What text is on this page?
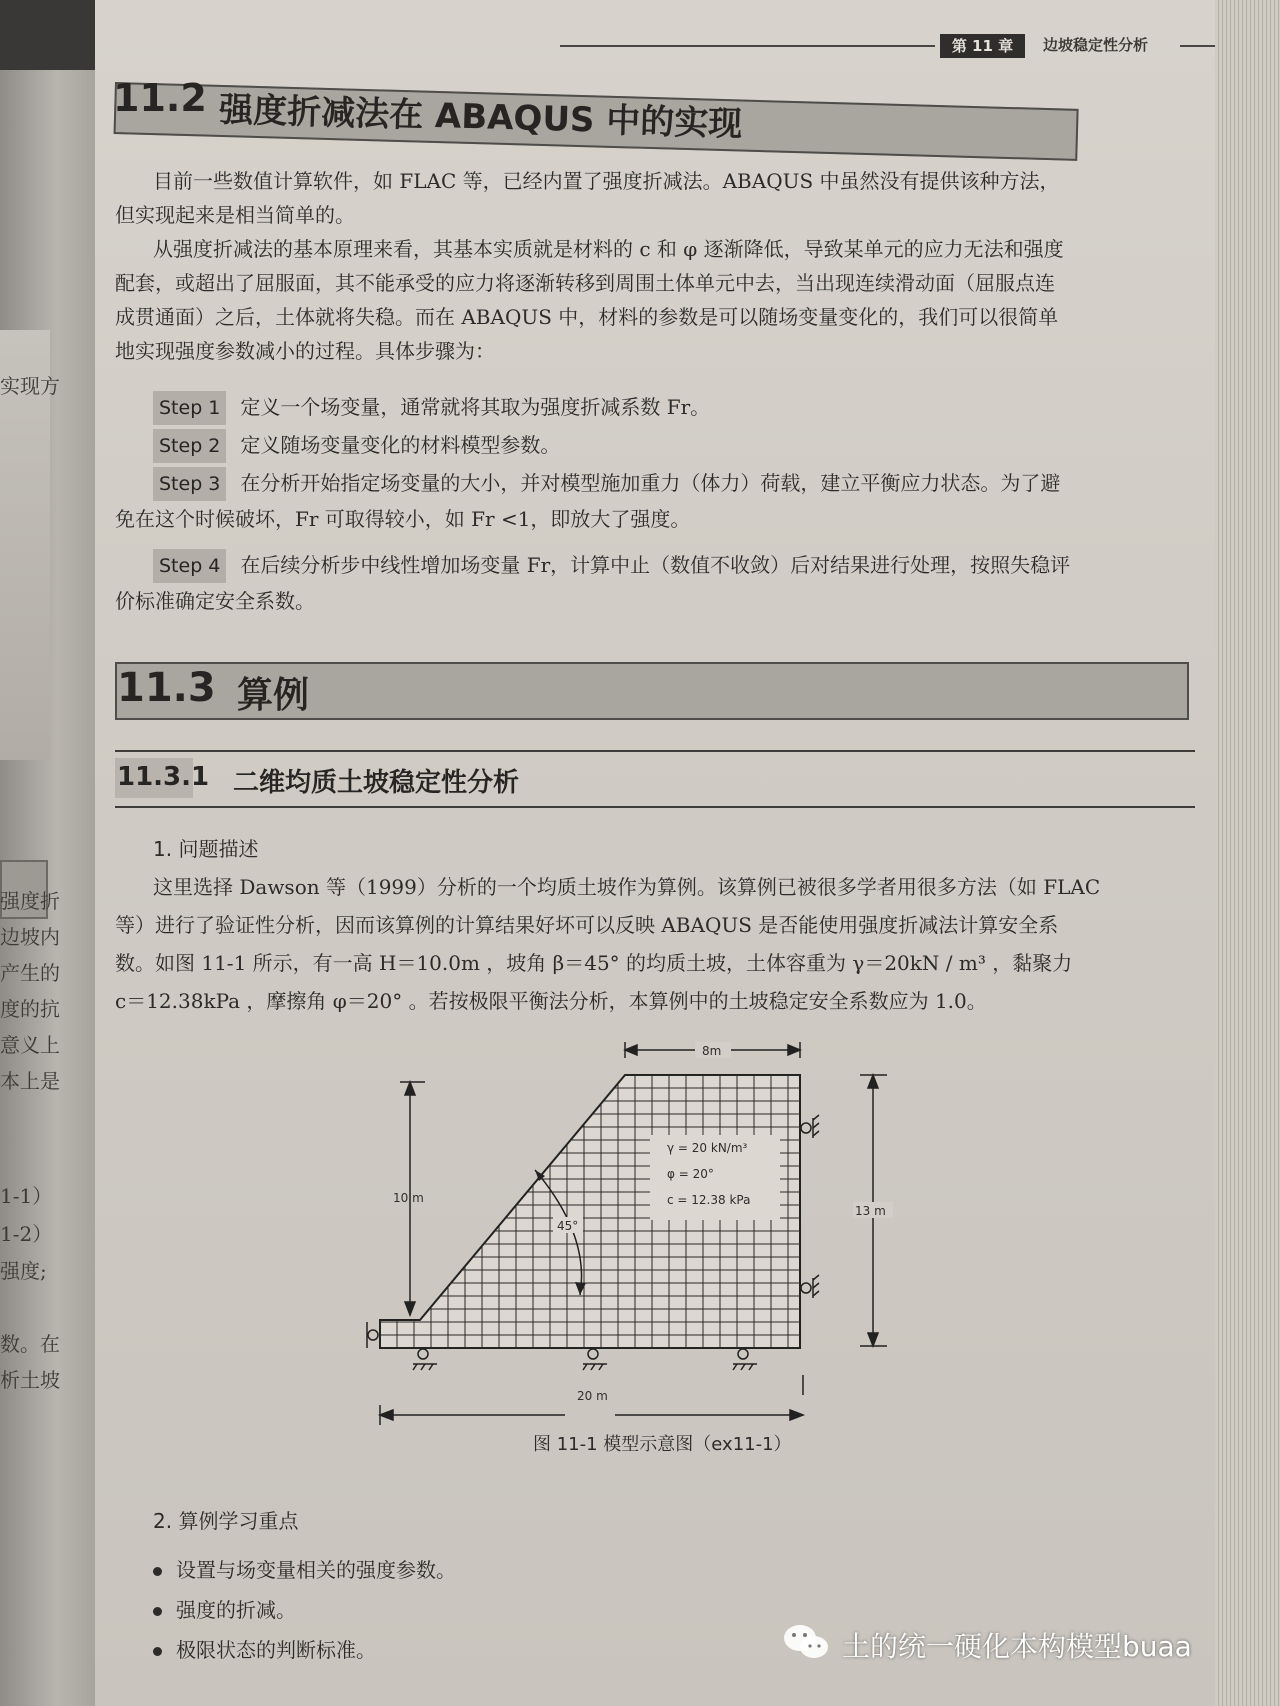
实现方
强度折
边坡内
产生的
度的抗
意义上
本上是
1-1）
1-2）
强度;
数。在
析土坡
第 11 章	边坡稳定性分析
11.2 强度折减法在 ABAQUS 中的实现
目前一些数值计算软件，如 FLAC 等，已经内置了强度折减法。ABAQUS 中虽然没有提供该种方法，
但实现起来是相当简单的。
从强度折减法的基本原理来看，其基本实质就是材料的 c 和 φ 逐渐降低，导致某单元的应力无法和强度
配套，或超出了屈服面，其不能承受的应力将逐渐转移到周围土体单元中去，当出现连续滑动面（屈服点连
成贯通面）之后，土体就将失稳。而在 ABAQUS 中，材料的参数是可以随场变量变化的，我们可以很简单
地实现强度参数减小的过程。具体步骤为：
Step 1 定义一个场变量，通常就将其取为强度折减系数 Fr。
Step 2 定义随场变量变化的材料模型参数。
Step 3 在分析开始指定场变量的大小，并对模型施加重力（体力）荷载，建立平衡应力状态。为了避
免在这个时候破坏，Fr 可取得较小，如 Fr <1，即放大了强度。
Step 4 在后续分析步中线性增加场变量 Fr，计算中止（数值不收敛）后对结果进行处理，按照失稳评
价标准确定安全系数。
11.3 算例
11.3.1 二维均质土坡稳定性分析
1. 问题描述
这里选择 Dawson 等（1999）分析的一个均质土坡作为算例。该算例已被很多学者用很多方法（如 FLAC
等）进行了验证性分析，因而该算例的计算结果好坏可以反映 ABAQUS 是否能使用强度折减法计算安全系
数。如图 11-1 所示，有一高 H＝10.0m ，坡角 β＝45° 的均质土坡，土体容重为 γ＝20kN / m³ ，黏聚力
c＝12.38kPa ，摩擦角 φ＝20° 。若按极限平衡法分析，本算例中的土坡稳定安全系数应为 1.0。
γ = 20 kN/m³
φ = 20°
c = 12.38 kPa
8m
10 m
13 m
20 m
45°
图 11-1 模型示意图（ex11-1）
2. 算例学习重点
设置与场变量相关的强度参数。
强度的折减。
极限状态的判断标准。	土的统一硬化本构模型buaa
